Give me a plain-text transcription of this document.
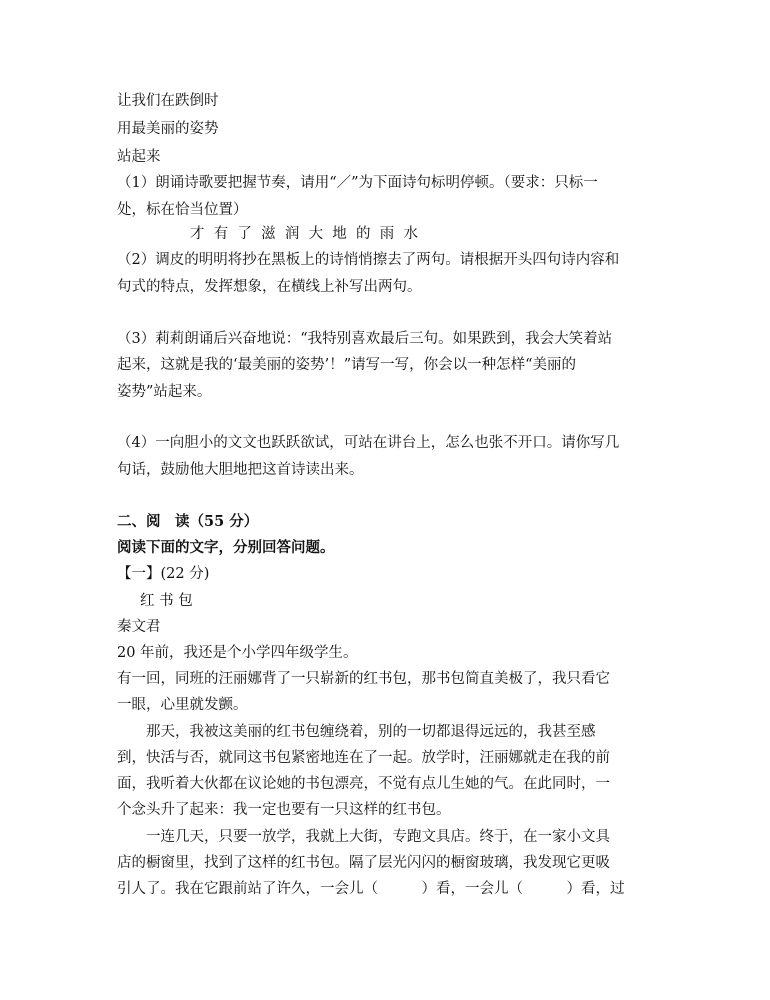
让我们在跌倒时
用最美丽的姿势
站起来
（1）朗诵诗歌要把握节奏，请用“／”为下面诗句标明停顿。（要求：只标一
处，标在恰当位置）
才  有  了  滋  润  大  地  的  雨  水
（2）调皮的明明将抄在黑板上的诗悄悄擦去了两句。请根据开头四句诗内容和
句式的特点，发挥想象，在横线上补写出两句。
（3）莉莉朗诵后兴奋地说：“我特别喜欢最后三句。如果跌到，我会大笑着站
起来，这就是我的‘最美丽的姿势’！”请写一写，你会以一种怎样“美丽的
姿势”站起来。
（4）一向胆小的文文也跃跃欲试，可站在讲台上，怎么也张不开口。请你写几
句话，鼓励他大胆地把这首诗读出来。
二、阅　读（55 分）
阅读下面的文字，分别回答问题。
【一】(22 分)
红 书 包
秦文君
20 年前，我还是个小学四年级学生。
有一回，同班的汪丽娜背了一只崭新的红书包，那书包简直美极了，我只看它
一眼，心里就发颤。
　　那天，我被这美丽的红书包缠绕着，别的一切都退得远远的，我甚至感
到，快活与否，就同这书包紧密地连在了一起。放学时，汪丽娜就走在我的前
面，我听着大伙都在议论她的书包漂亮，不觉有点儿生她的气。在此同时，一
个念头升了起来：我一定也要有一只这样的红书包。
　　一连几天，只要一放学，我就上大街，专跑文具店。终于，在一家小文具
店的橱窗里，找到了这样的红书包。隔了层光闪闪的橱窗玻璃，我发现它更吸
引人了。我在它跟前站了许久，一会儿（　　　）看，一会儿（　　　）看，过
